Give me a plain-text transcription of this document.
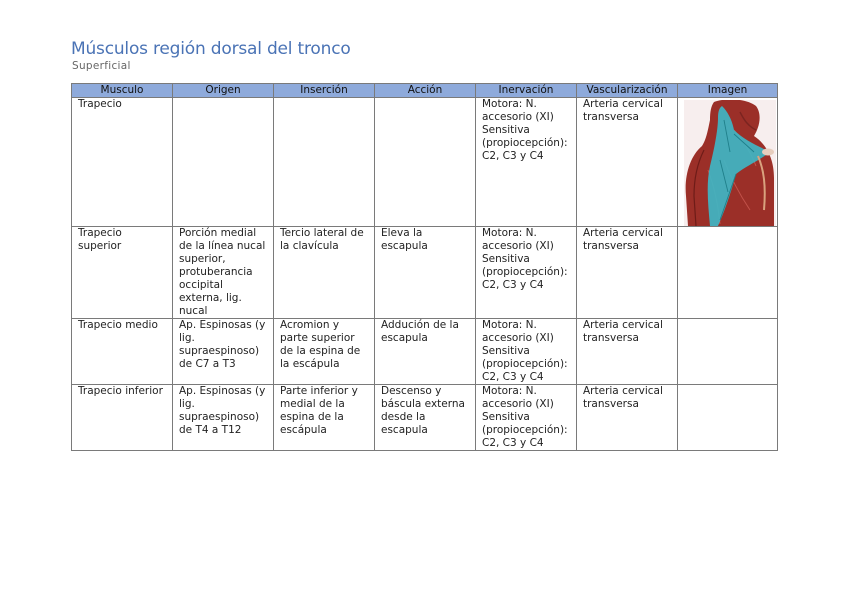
Músculos región dorsal del tronco

Superficial

Musculo	Origen	Inserción	Acción	Inervación	Vascularización	Imagen
Trapecio				Motora: N. accesorio (XI) Sensitiva (propiocepción): C2, C3 y C4	Arteria cervical transversa	

Trapecio superior	Porción medial de la línea nucal superior, protuberancia occipital externa, lig. nucal	Tercio lateral de la clavícula	Eleva la escapula	Motora: N. accesorio (XI) Sensitiva (propiocepción): C2, C3 y C4	Arteria cervical transversa	
Trapecio medio	Ap. Espinosas (y lig. supraespinoso) de C7 a T3	Acromion y parte superior de la espina de la escápula	Addución de la escapula	Motora: N. accesorio (XI) Sensitiva (propiocepción): C2, C3 y C4	Arteria cervical transversa	
Trapecio inferior	Ap. Espinosas (y lig. supraespinoso) de T4 a T12	Parte inferior y medial de la espina de la escápula	Descenso y báscula externa desde la escapula	Motora: N. accesorio (XI) Sensitiva (propiocepción): C2, C3 y C4	Arteria cervical transversa	
